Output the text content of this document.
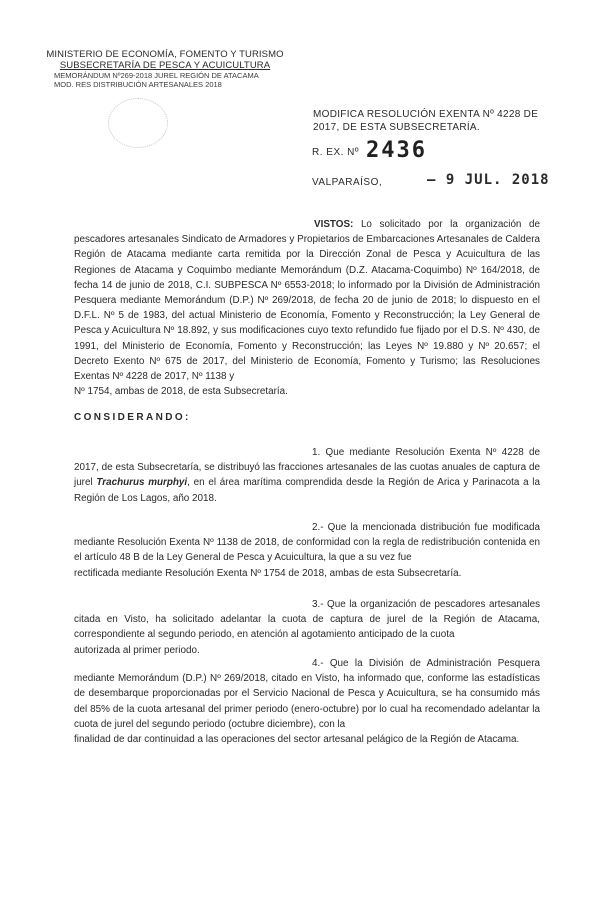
MINISTERIO DE ECONOMÍA, FOMENTO Y TURISMO
SUBSECRETARÍA DE PESCA Y ACUICULTURA
MEMORÁNDUM Nº269-2018 JUREL REGIÓN DE ATACAMA
MOD. RES DISTRIBUCIÓN ARTESANALES 2018
MODIFICA RESOLUCIÓN EXENTA Nº 4228 DE 2017, DE ESTA SUBSECRETARÍA.
R. EX. Nº 2436
VALPARAÍSO,	– 9 JUL. 2018

VISTOS: Lo solicitado por la organización de pescadores artesanales Sindicato de Armadores y Propietarios de Embarcaciones Artesanales de Caldera Región de Atacama mediante carta remitida por la Dirección Zonal de Pesca y Acuicultura de las Regiones de Atacama y Coquimbo mediante Memorándum (D.Z. Atacama-Coquimbo) Nº 164/2018, de fecha 14 de junio de 2018, C.I. SUBPESCA Nº 6553-2018; lo informado por la División de Administración Pesquera mediante Memorándum (D.P.) Nº 269/2018, de fecha 20 de junio de 2018; lo dispuesto en el D.F.L. Nº 5 de 1983, del actual Ministerio de Economía, Fomento y Reconstrucción; la Ley General de Pesca y Acuicultura Nº 18.892, y sus modificaciones cuyo texto refundido fue fijado por el D.S. Nº 430, de 1991, del Ministerio de Economía, Fomento y Reconstrucción; las Leyes Nº 19.880 y Nº 20.657; el Decreto Exento Nº 675 de 2017, del Ministerio de Economía, Fomento y Turismo; las Resoluciones Exentas Nº 4228 de 2017, Nº 1138 y
Nº 1754, ambas de 2018, de esta Subsecretaría.

CONSIDERANDO:

1. Que mediante Resolución Exenta Nº 4228 de 2017, de esta Subsecretaría, se distribuyó las fracciones artesanales de las cuotas anuales de captura de jurel Trachurus murphyi, en el área marítima comprendida desde la Región de Arica y Parinacota a la Región de Los Lagos, año 2018.

2.- Que la mencionada distribución fue modificada mediante Resolución Exenta Nº 1138 de 2018, de conformidad con la regla de redistribución contenida en el artículo 48 B de la Ley General de Pesca y Acuicultura, la que a su vez fue
rectificada mediante Resolución Exenta Nº 1754 de 2018, ambas de esta Subsecretaría.

3.- Que la organización de pescadores artesanales citada en Visto, ha solicitado adelantar la cuota de captura de jurel de la Región de Atacama, correspondiente al segundo periodo, en atención al agotamiento anticipado de la cuota
autorizada al primer periodo.

4.- Que la División de Administración Pesquera mediante Memorándum (D.P.) Nº 269/2018, citado en Visto, ha informado que, conforme las estadísticas de desembarque proporcionadas por el Servicio Nacional de Pesca y Acuicultura, se ha consumido más del 85% de la cuota artesanal del primer periodo (enero-octubre) por lo cual ha recomendado adelantar la cuota de jurel del segundo periodo (octubre diciembre), con la
finalidad de dar continuidad a las operaciones del sector artesanal pelágico de la Región de Atacama.
